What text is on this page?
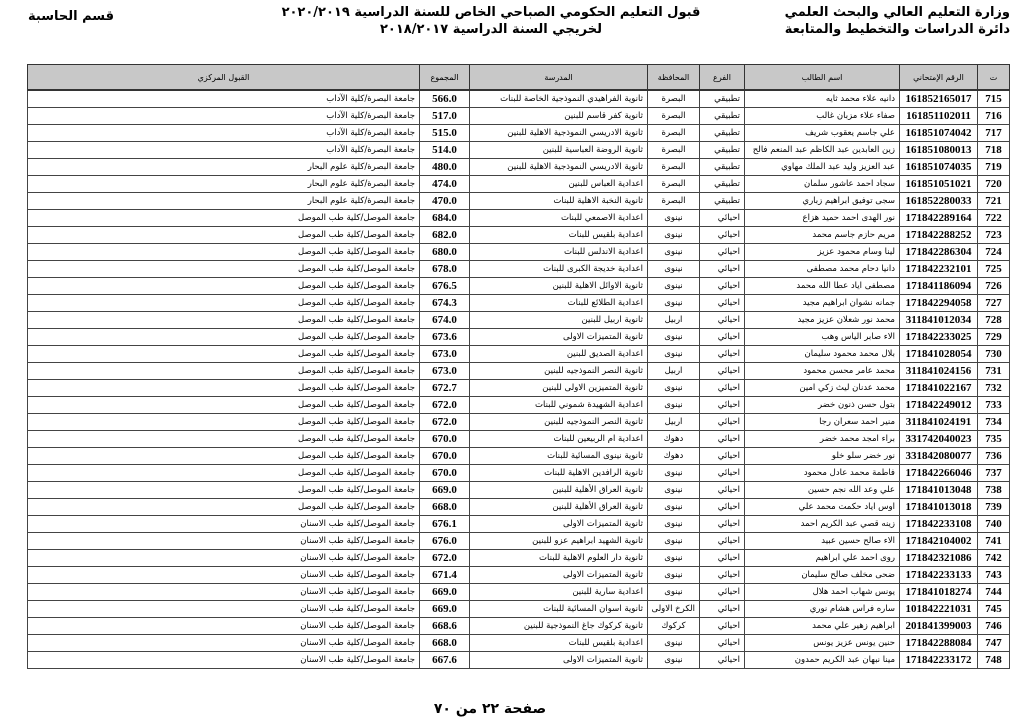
قسم الحاسبة	قبول التعليم الحكومي الصباحي الخاص للسنة الدراسية ٢٠٢٠/٢٠١٩
لخريجي السنة الدراسية ٢٠١٨/٢٠١٧
وزارة التعليم العالي والبحث العلمي
دائرة الدراسات والتخطيط والمتابعة
ت	الرقم الإمتحاني	اسم الطالب	الفرع	المحافظة	المدرسة	المجموع	القبول المركزي
715	161852165017	دانيه علاء محمد ثايه	تطبيقي	البصرة	ثانوية الفراهيدي النموذجية الخاصة للبنات	566.0	جامعة البصرة/كلية الآداب
716	161851102011	صفاء علاء مزبان غالب	تطبيقي	البصرة	ثانوية كفر قاسم للبنين	517.0	جامعة البصرة/كلية الآداب
717	161851074042	علي جاسم يعقوب شريف	تطبيقي	البصرة	ثانوية الادريسي النموذجية الاهلية للبنين	515.0	جامعة البصرة/كلية الآداب
718	161851080013	زين العابدين عبد الكاظم عبد المنعم فالح	تطبيقي	البصرة	ثانوية الروضة العباسية للبنين	514.0	جامعة البصرة/كلية الآداب
719	161851074035	عبد العزيز وليد عبد الملك مهاوي	تطبيقي	البصرة	ثانوية الادريسي النموذجية الاهلية للبنين	480.0	جامعة البصرة/كلية علوم البحار
720	161851051021	سجاد احمد عاشور سلمان	تطبيقي	البصرة	اعدادية العباس للبنين	474.0	جامعة البصرة/كلية علوم البحار
721	161852280033	سجى توفيق ابراهيم زباري	تطبيقي	البصرة	ثانوية النخبة الاهلية للبنات	470.0	جامعة البصرة/كلية علوم البحار
722	171842289164	نور الهدى احمد حميد هزاع	احيائي	نينوى	اعدادية الاصمعي للبنات	684.0	جامعة الموصل/كلية طب الموصل
723	171842288252	مريم حازم جاسم محمد	احيائي	نينوى	اعدادية بلقيس للبنات	682.0	جامعة الموصل/كلية طب الموصل
724	171842286304	لينا وسام محمود عزيز	احيائي	نينوى	اعدادية الاندلس للبنات	680.0	جامعة الموصل/كلية طب الموصل
725	171842232101	دانيا دحام محمد مصطفى	احيائي	نينوى	اعدادية خديجة الكبرى للبنات	678.0	جامعة الموصل/كلية طب الموصل
726	171841186094	مصطفى اياد عطا الله محمد	احيائي	نينوى	ثانوية الاوائل الاهلية للبنين	676.5	جامعة الموصل/كلية طب الموصل
727	171842294058	جمانه نشوان ابراهيم مجيد	احيائي	نينوى	اعدادية الطلائع للبنات	674.3	جامعة الموصل/كلية طب الموصل
728	311841012034	محمد نور شعلان عزيز مجيد	احيائي	اربيل	ثانوية اربيل للبنين	674.0	جامعة الموصل/كلية طب الموصل
729	171842233025	الاء صابر الياس وهب	احيائي	نينوى	ثانوية المتميزات الاولى	673.6	جامعة الموصل/كلية طب الموصل
730	171841028054	بلال محمد محمود سليمان	احيائي	نينوى	اعدادية الصديق للبنين	673.0	جامعة الموصل/كلية طب الموصل
731	311841024156	محمد عامر محسن محمود	احيائي	اربيل	ثانوية النصر النموذجيه للبنين	673.0	جامعة الموصل/كلية طب الموصل
732	171841022167	محمد عدنان ليث زكي امين	احيائي	نينوى	ثانوية المتميزين الاولى للبنين	672.7	جامعة الموصل/كلية طب الموصل
733	171842249012	بتول حسن ذنون خضر	احيائي	نينوى	اعدادية الشهيدة شموني للبنات	672.0	جامعة الموصل/كلية طب الموصل
734	311841024191	منير احمد سعران رجا	احيائي	اربيل	ثانوية النصر النموذجيه للبنين	672.0	جامعة الموصل/كلية طب الموصل
735	331742040023	براء امجد محمد خضر	احيائي	دهوك	اعدادية ام الربيعين للبنات	670.0	جامعة الموصل/كلية طب الموصل
736	331842080077	نور خضر سلو خلو	احيائي	دهوك	ثانوية نينوى المسائية للبنات	670.0	جامعة الموصل/كلية طب الموصل
737	171842266046	فاطمة محمد عادل محمود	احيائي	نينوى	ثانوية الرافدين الاهلية للبنات	670.0	جامعة الموصل/كلية طب الموصل
738	171841013048	علي وعد الله نجم حسين	احيائي	نينوى	ثانوية العراق الأهلية للبنين	669.0	جامعة الموصل/كلية طب الموصل
739	171841013018	اوس اياد حكمت محمد علي	احيائي	نينوى	ثانوية العراق الأهلية للبنين	668.0	جامعة الموصل/كلية طب الموصل
740	171842233108	زينه قصي عبد الكريم احمد	احيائي	نينوى	ثانوية المتميزات الاولى	676.1	جامعة الموصل/كلية طب الاسنان
741	171842104002	الاء صالح حسين عبيد	احيائي	نينوى	ثانوية الشهيد ابراهيم عزو للبنين	676.0	جامعة الموصل/كلية طب الاسنان
742	171842321086	روى احمد علي ابراهيم	احيائي	نينوى	ثانوية دار العلوم الاهلية للبنات	672.0	جامعة الموصل/كلية طب الاسنان
743	171842233133	ضحى مخلف صالح سليمان	احيائي	نينوى	ثانوية المتميزات الاولى	671.4	جامعة الموصل/كلية طب الاسنان
744	171841018274	يونس شهاب احمد هلال	احيائي	نينوى	اعدادية سارية للبنين	669.0	جامعة الموصل/كلية طب الاسنان
745	101842221031	ساره فراس هشام نوري	احيائي	الكرخ الاولى	ثانوية اسوان المسائية للبنات	669.0	جامعة الموصل/كلية طب الاسنان
746	201841399003	ابراهيم زهير علي محمد	احيائي	كركوك	ثانوية كركوك جاغ النموذجية للبنين	668.6	جامعة الموصل/كلية طب الاسنان
747	171842288084	حنين يونس عزيز يونس	احيائي	نينوى	اعدادية بلقيس للبنات	668.0	جامعة الموصل/كلية طب الاسنان
748	171842233172	مينا نبهان عبد الكريم حمدون	احيائي	نينوى	ثانوية المتميزات الاولى	667.6	جامعة الموصل/كلية طب الاسنان
صفحة ٢٢ من ٧٠
